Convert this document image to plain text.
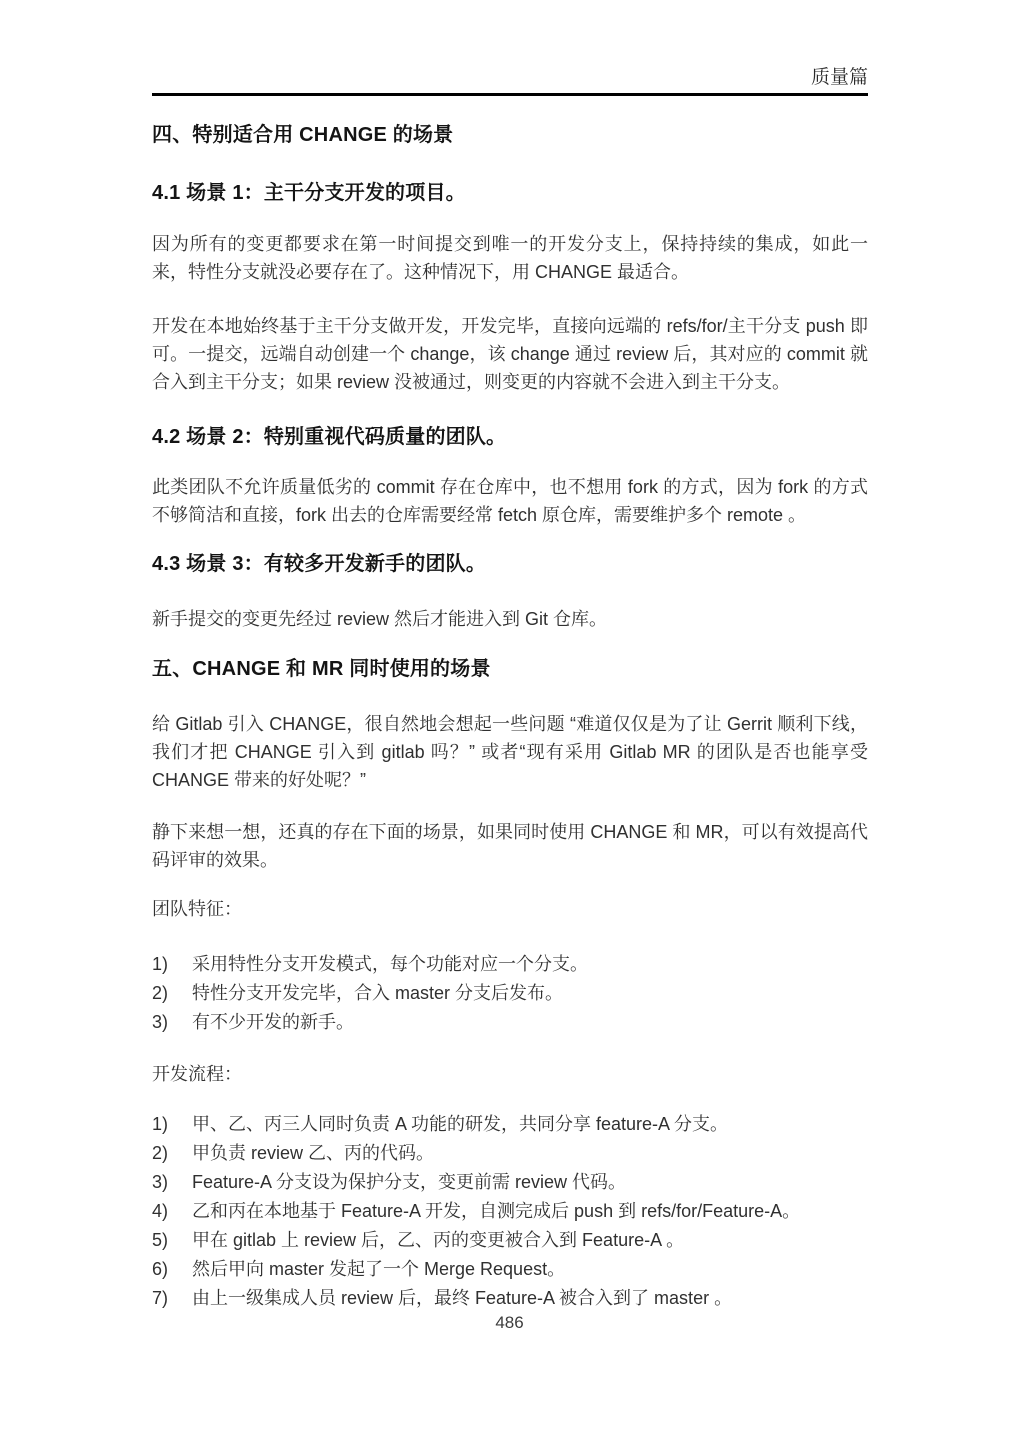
质量篇
四、特别适合用 CHANGE 的场景
4.1 场景 1：主干分支开发的项目。
因为所有的变更都要求在第一时间提交到唯一的开发分支上，保持持续的集成，如此一来，特性分支就没必要存在了。这种情况下，用 CHANGE 最适合。
开发在本地始终基于主干分支做开发，开发完毕，直接向远端的 refs/for/主干分支 push 即可。一提交，远端自动创建一个 change，该 change 通过 review 后，其对应的 commit 就合入到主干分支；如果 review 没被通过，则变更的内容就不会进入到主干分支。
4.2 场景 2：特别重视代码质量的团队。
此类团队不允许质量低劣的 commit 存在仓库中，也不想用 fork 的方式，因为 fork 的方式不够简洁和直接，fork 出去的仓库需要经常 fetch 原仓库，需要维护多个 remote 。
4.3 场景 3：有较多开发新手的团队。
新手提交的变更先经过 review 然后才能进入到 Git 仓库。
五、CHANGE 和 MR 同时使用的场景
给 Gitlab 引入 CHANGE，很自然地会想起一些问题 “难道仅仅是为了让 Gerrit 顺利下线，我们才把 CHANGE 引入到 gitlab 吗？” 或者“现有采用 Gitlab MR 的团队是否也能享受 CHANGE 带来的好处呢？”
静下来想一想，还真的存在下面的场景，如果同时使用 CHANGE 和 MR，可以有效提高代码评审的效果。
团队特征：
1)	采用特性分支开发模式，每个功能对应一个分支。
2)	特性分支开发完毕，合入 master 分支后发布。
3)	有不少开发的新手。
开发流程：
1)	甲、乙、丙三人同时负责 A 功能的研发，共同分享 feature-A 分支。
2)	甲负责 review 乙、丙的代码。
3)	Feature-A 分支设为保护分支，变更前需 review 代码。
4)	乙和丙在本地基于 Feature-A 开发，自测完成后 push 到 refs/for/Feature-A。
5)	甲在 gitlab 上 review 后，乙、丙的变更被合入到 Feature-A 。
6)	然后甲向 master 发起了一个 Merge Request。
7)	由上一级集成人员 review 后，最终 Feature-A 被合入到了 master 。
486
